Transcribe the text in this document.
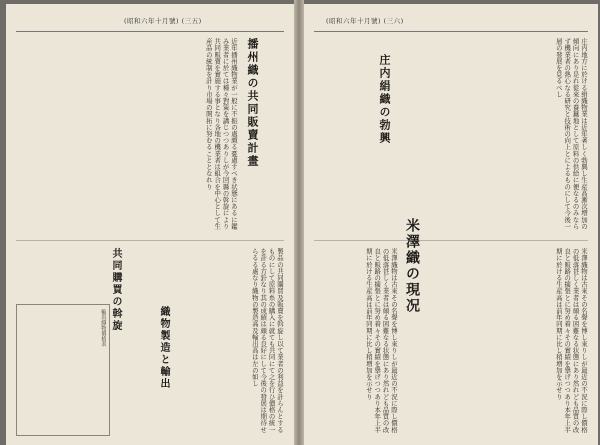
(昭和六年十月號) (三五)
播州織の共同販賣計畫
近年播州織物業が一般に不振の處頗る憂慮すべき状態にあるに鑑み業者に於ては種々對策を講じつつありしが今回縣の斡旋により共同販賣を實施する事となり各地の機業者は組合を中心として生産品の統制を計り市場の開拓に努むることとなれり
共同購買の斡旋
織物製造と輸出	製品の共同購買及販賣を斡旋し以て業者の利益を計らんとするものにして原料糸の購入に就ても共同にて之を行ひ價格の統一を計る方針なり其の成績は頗る良好にして今後の發展は期待せらるる處なり織物の製造高及輸出高は左の如し
輸出織物價格表
(昭和六年十月號) (三六)
庄内絹織の勃興	庄内地方に於ける絹織物業は近年著しく勃興し生産高漸次増加の傾向にあり是れ從來の養蠶地として原料の供給に便なるのみならず機業者の熱心なる研究と技術の向上とによるものにして今後一層の發展を見るべし
米澤織の現况
米澤織物は古來その名聲を博し來りしが最近の不況に際し價格の低落甚しく業者は頗る困難なる状態にあり然れども品質の改良と販路の擴張とに努め着々その實績を擧げつつあり本年上半期に於ける生産高は前年同期に比し稍増加を示せり	米澤織物は古來その名聲を博し來りしが最近の不況に際し價格の低落甚しく業者は頗る困難なる状態にあり然れども品質の改良と販路の擴張とに努め着々その實績を擧げつつあり本年上半期に於ける生産高は前年同期に比し稍増加を示せり
